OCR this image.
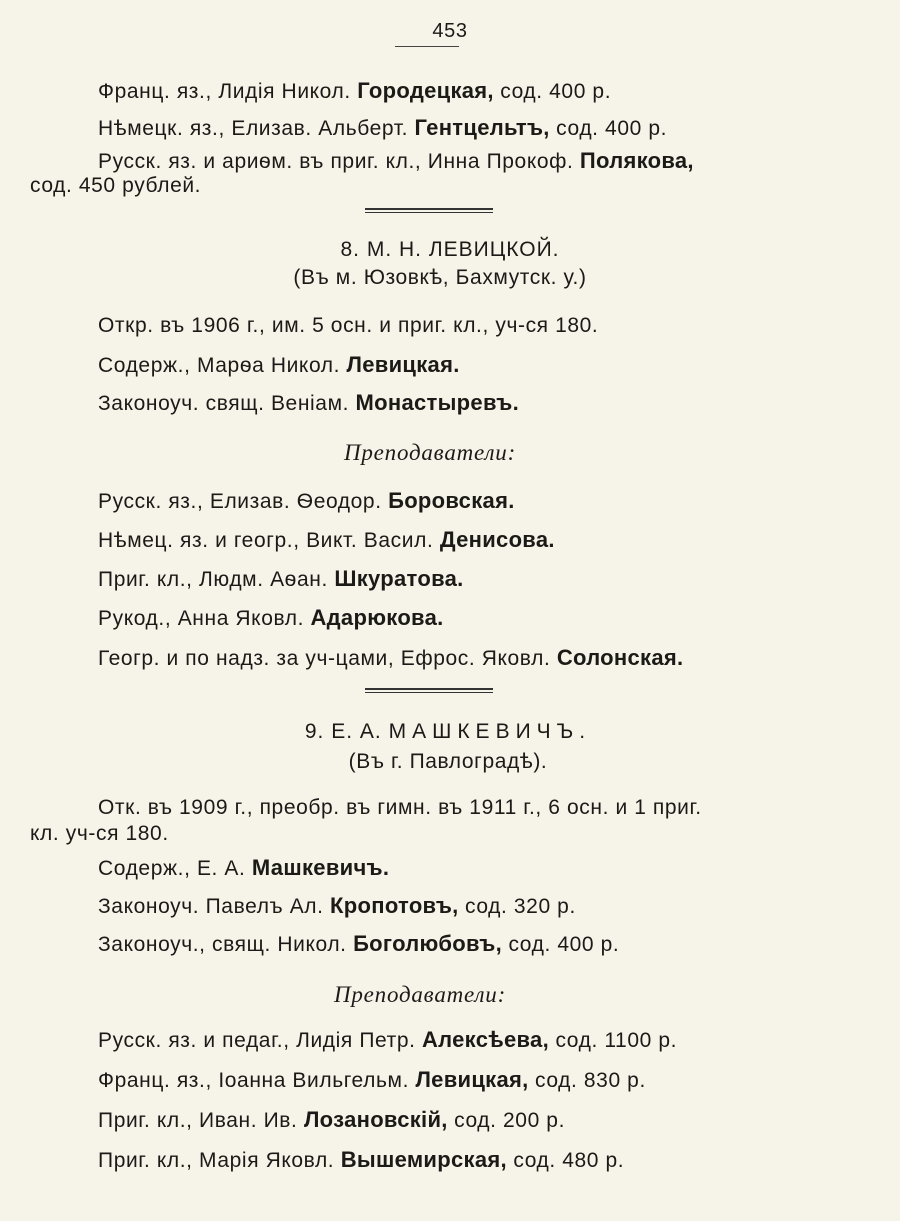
453
Франц. яз., Лидія Никол. Городецкая, сод. 400 р.
Нѣмецк. яз., Елизав. Альберт. Гентцельтъ, сод. 400 р.
Русск. яз. и ариѳм. въ приг. кл., Инна Прокоф. Полякова,
сод. 450 рублей.
8. М. Н. ЛЕВИЦКОЙ.
(Въ м. Юзовкѣ, Бахмутск. у.)
Откр. въ 1906 г., им. 5 осн. и приг. кл., уч-ся 180.
Содерж., Марѳа Никол. Левицкая.
Законоуч. свящ. Веніам. Монастыревъ.
Преподаватели:
Русск. яз., Елизав. Ѳеодор. Боровская.
Нѣмец. яз. и геогр., Викт. Васил. Денисова.
Приг. кл., Людм. Аѳан. Шкуратова.
Рукод., Анна Яковл. Адарюкова.
Геогр. и по надз. за уч-цами, Ефрос. Яковл. Солонская.
9. Е. А. МАШКЕВИЧЪ.
(Въ г. Павлоградѣ).
Отк. въ 1909 г., преобр. въ гимн. въ 1911 г., 6 осн. и 1 приг.
кл. уч-ся 180.
Содерж., Е. А. Машкевичъ.
Законоуч. Павелъ Ал. Кропотовъ, сод. 320 р.
Законоуч., свящ. Никол. Боголюбовъ, сод. 400 р.
Преподаватели:
Русск. яз. и педаг., Лидія Петр. Алексѣева, сод. 1100 р.
Франц. яз., Іоанна Вильгельм. Левицкая, сод. 830 р.
Приг. кл., Иван. Ив. Лозановскій, сод. 200 р.
Приг. кл., Марія Яковл. Вышемирская, сод. 480 р.
